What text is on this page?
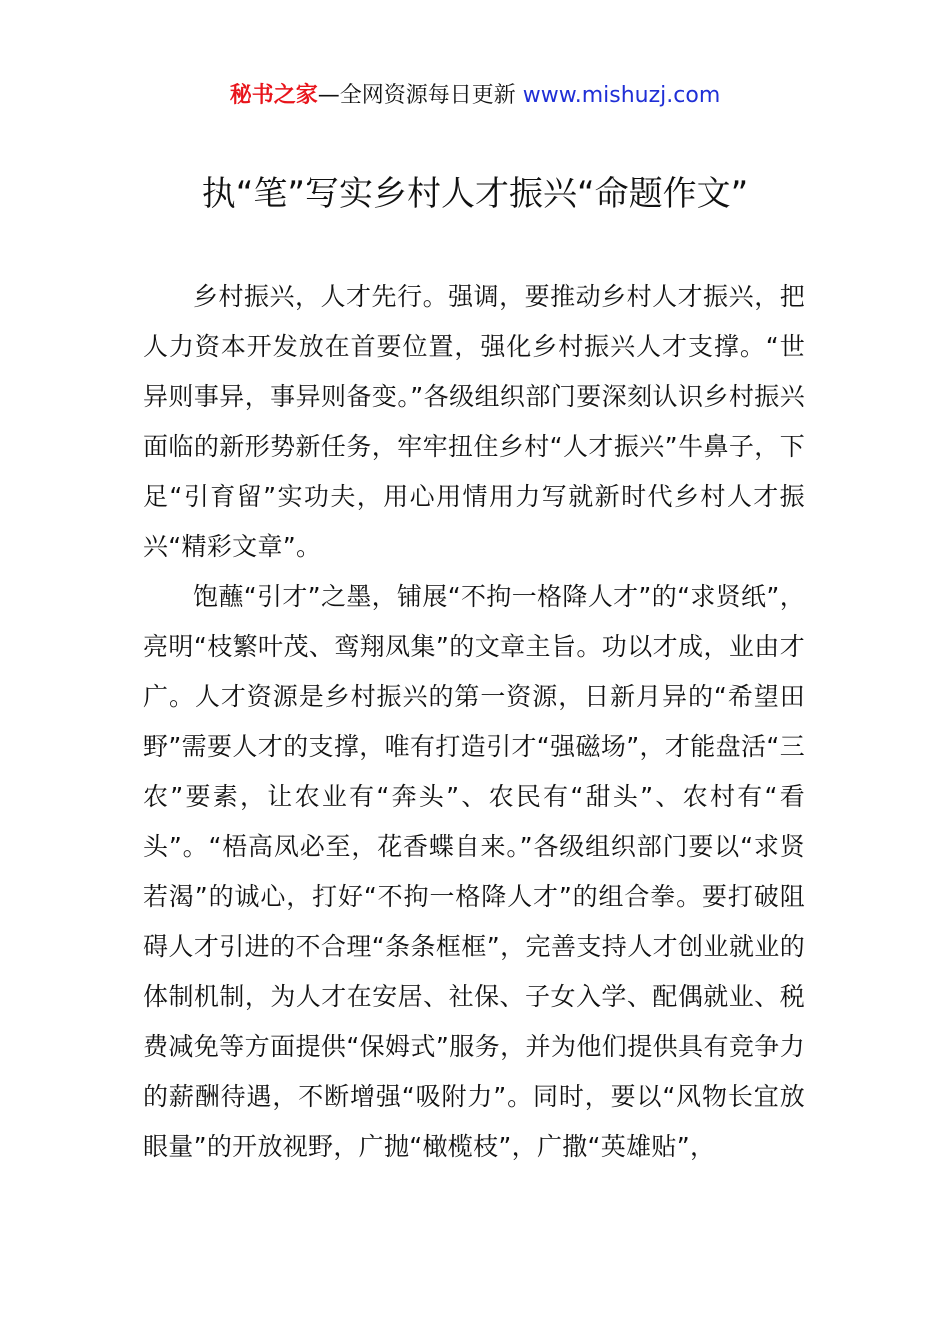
秘书之家—全网资源每日更新 www.mishuzj.com
执“笔”写实乡村人才振兴“命题作文”

乡村振兴，人才先行。强调，要推动乡村人才振兴，把人力资本开发放在首要位置，强化乡村振兴人才支撑。“世异则事异，事异则备变。”各级组织部门要深刻认识乡村振兴面临的新形势新任务，牢牢扭住乡村“人才振兴”牛鼻子，下足“引育留”实功夫，用心用情用力写就新时代乡村人才振兴“精彩文章”。

饱蘸“引才”之墨，铺展“不拘一格降人才”的“求贤纸”，亮明“枝繁叶茂、鸾翔凤集”的文章主旨。功以才成，业由才广。人才资源是乡村振兴的第一资源，日新月异的“希望田野”需要人才的支撑，唯有打造引才“强磁场”，才能盘活“三农”要素，让农业有“奔头”、农民有“甜头”、农村有“看头”。“梧高凤必至，花香蝶自来。”各级组织部门要以“求贤若渴”的诚心，打好“不拘一格降人才”的组合拳。要打破阻碍人才引进的不合理“条条框框”，完善支持人才创业就业的体制机制，为人才在安居、社保、子女入学、配偶就业、税费减免等方面提供“保姆式”服务，并为他们提供具有竞争力的薪酬待遇，不断增强“吸附力”。同时，要以“风物长宜放眼量”的开放视野，广抛“橄榄枝”，广撒“英雄贴”，
